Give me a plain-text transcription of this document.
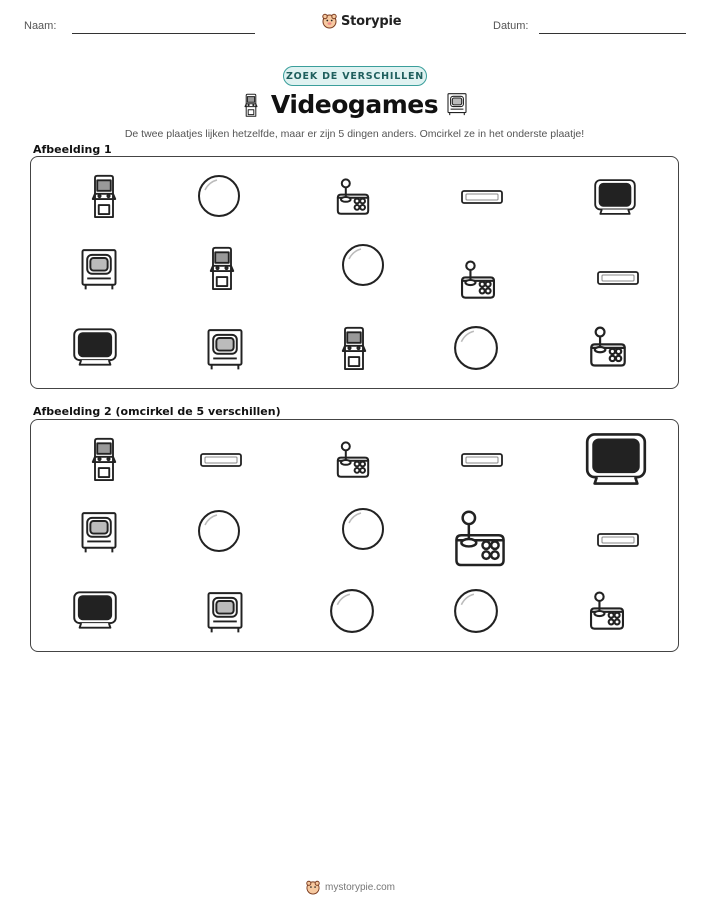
Naam:	Datum:
Storypie
ZOEK DE VERSCHILLEN
Videogames
De twee plaatjes lijken hetzelfde, maar er zijn 5 dingen anders. Omcirkel ze in het onderste plaatje!
Afbeelding 1
Afbeelding 2 (omcirkel de 5 verschillen)
mystorypie.com
